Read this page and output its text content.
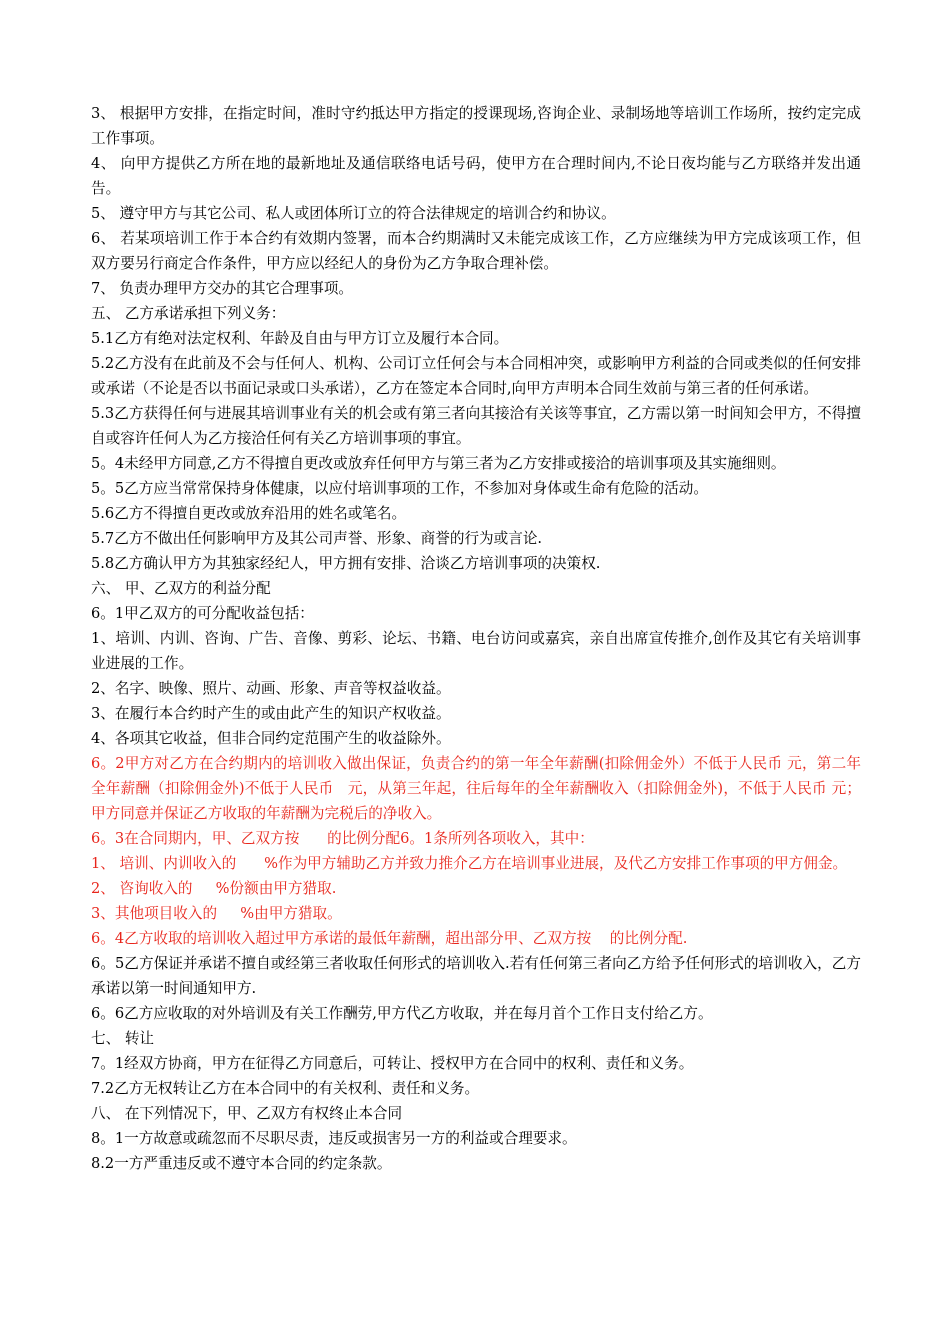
3、 根据甲方安排，在指定时间，准时守约抵达甲方指定的授课现场,咨询企业、录制场地等培训工作场所，按约定完成工作事项。

4、 向甲方提供乙方所在地的最新地址及通信联络电话号码，使甲方在合理时间内,不论日夜均能与乙方联络并发出通告。

5、 遵守甲方与其它公司、私人或团体所订立的符合法律规定的培训合约和协议。

6、 若某项培训工作于本合约有效期内签署，而本合约期满时又未能完成该工作，乙方应继续为甲方完成该项工作，但双方要另行商定合作条件，甲方应以经纪人的身份为乙方争取合理补偿。

7、 负责办理甲方交办的其它合理事项。

五、 乙方承诺承担下列义务：

5.1乙方有绝对法定权利、年龄及自由与甲方订立及履行本合同。

5.2乙方没有在此前及不会与任何人、机构、公司订立任何会与本合同相冲突，或影响甲方利益的合同或类似的任何安排或承诺（不论是否以书面记录或口头承诺），乙方在签定本合同时,向甲方声明本合同生效前与第三者的任何承诺。

5.3乙方获得任何与进展其培训事业有关的机会或有第三者向其接洽有关该等事宜，乙方需以第一时间知会甲方，不得擅自或容许任何人为乙方接洽任何有关乙方培训事项的事宜。

5。4未经甲方同意,乙方不得擅自更改或放弃任何甲方与第三者为乙方安排或接洽的培训事项及其实施细则。

5。5乙方应当常常保持身体健康，以应付培训事项的工作，不参加对身体或生命有危险的活动。

5.6乙方不得擅自更改或放弃沿用的姓名或笔名。

5.7乙方不做出任何影响甲方及其公司声誉、形象、商誉的行为或言论.

5.8乙方确认甲方为其独家经纪人，甲方拥有安排、洽谈乙方培训事项的决策权.

六、 甲、乙双方的利益分配

6。1甲乙双方的可分配收益包括：

1、培训、内训、咨询、广告、音像、剪彩、论坛、书籍、电台访问或嘉宾，亲自出席宣传推介,创作及其它有关培训事业进展的工作。

2、名字、映像、照片、动画、形象、声音等权益收益。

3、在履行本合约时产生的或由此产生的知识产权收益。

4、各项其它收益，但非合同约定范围产生的收益除外。

6。2甲方对乙方在合约期内的培训收入做出保证，负责合约的第一年全年薪酬(扣除佣金外）不低于人民币 元，第二年全年薪酬（扣除佣金外)不低于人民币   元，从第三年起，往后每年的全年薪酬收入（扣除佣金外)，不低于人民币 元；甲方同意并保证乙方收取的年薪酬为完税后的净收入。

6。3在合同期内，甲、乙双方按      的比例分配6。1条所列各项收入，其中：

1、 培训、内训收入的      %作为甲方辅助乙方并致力推介乙方在培训事业进展，及代乙方安排工作事项的甲方佣金。

2、 咨询收入的     %份额由甲方猎取.

3、其他项目收入的     %由甲方猎取。

6。4乙方收取的培训收入超过甲方承诺的最低年薪酬，超出部分甲、乙双方按    的比例分配.

6。5乙方保证并承诺不擅自或经第三者收取任何形式的培训收入.若有任何第三者向乙方给予任何形式的培训收入，乙方承诺以第一时间通知甲方.

6。6乙方应收取的对外培训及有关工作酬劳,甲方代乙方收取，并在每月首个工作日支付给乙方。

七、 转让

7。1经双方协商，甲方在征得乙方同意后，可转让、授权甲方在合同中的权利、责任和义务。

7.2乙方无权转让乙方在本合同中的有关权利、责任和义务。

八、 在下列情况下，甲、乙双方有权终止本合同

8。1一方故意或疏忽而不尽职尽责，违反或损害另一方的利益或合理要求。

8.2一方严重违反或不遵守本合同的约定条款。
